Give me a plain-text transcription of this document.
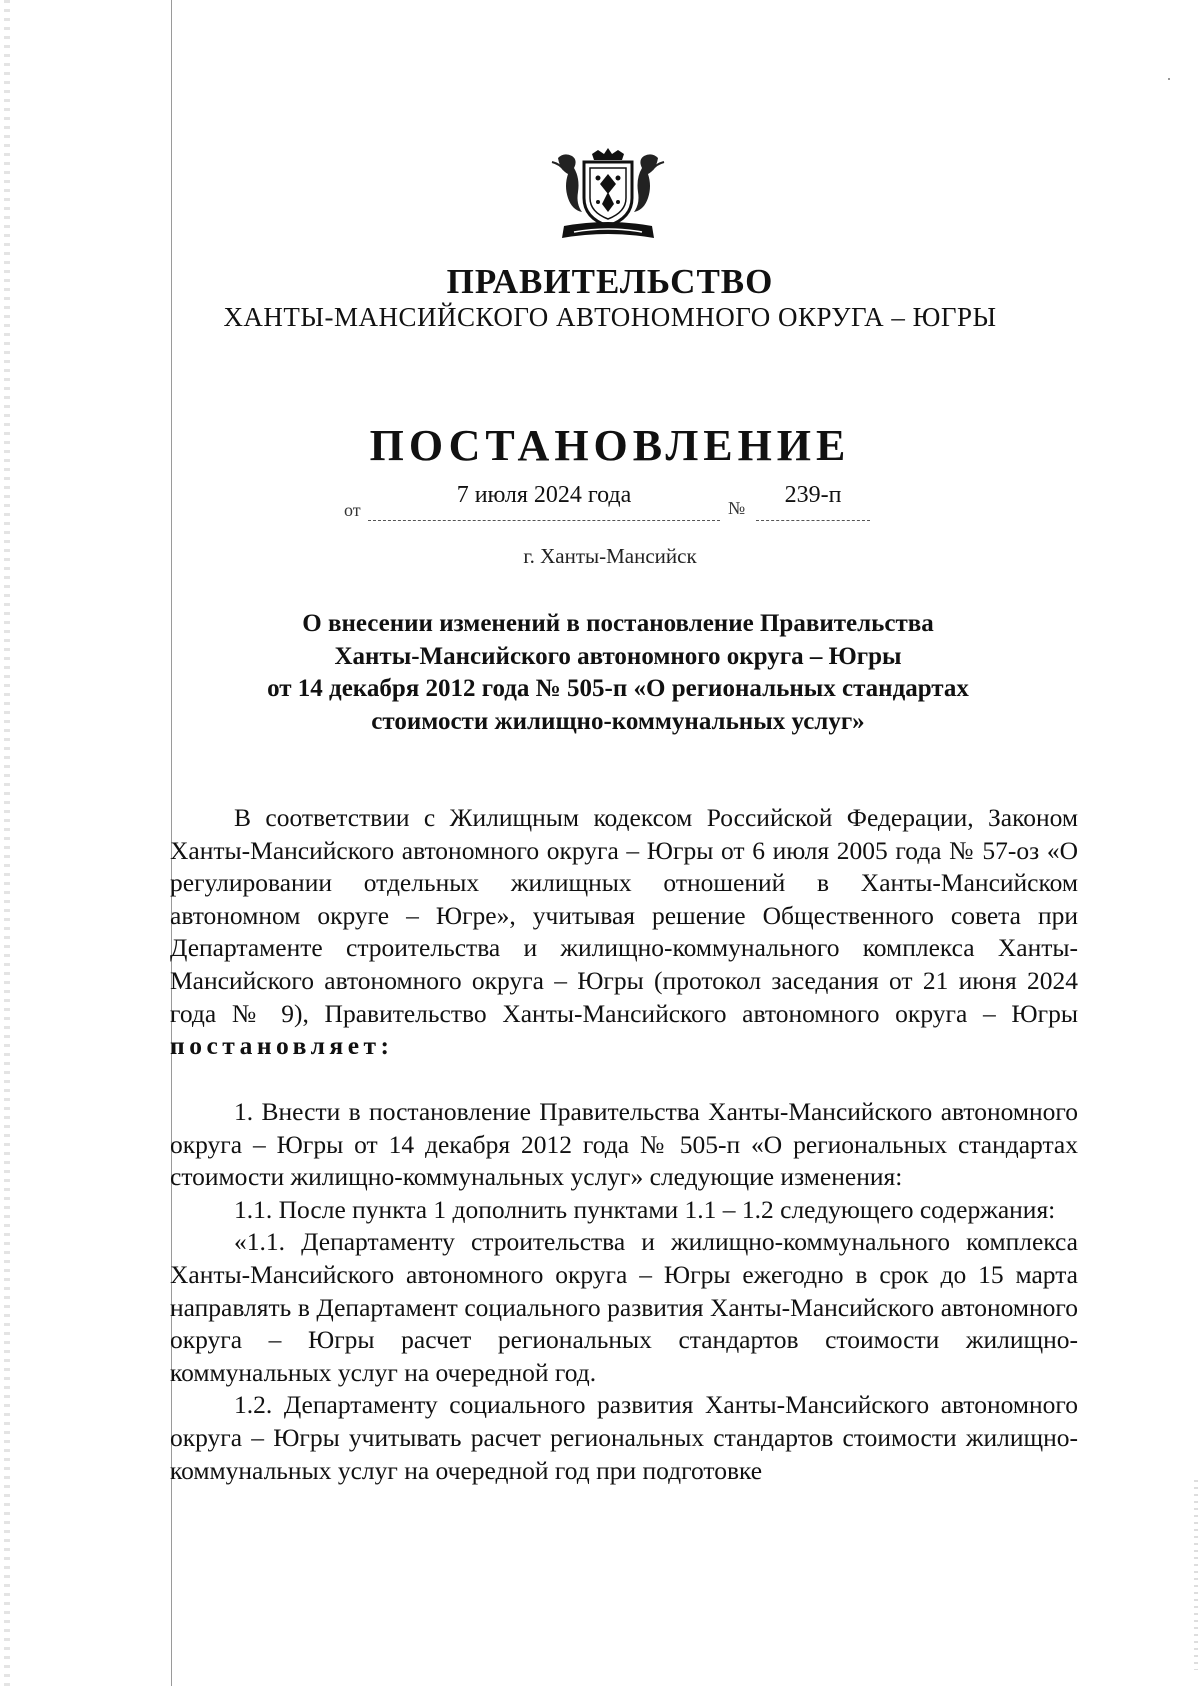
ПРАВИТЕЛЬСТВО
ХАНТЫ-МАНСИЙСКОГО АВТОНОМНОГО ОКРУГА – ЮГРЫ
ПОСТАНОВЛЕНИЕ
от
7 июля 2024 года	№	239-п
г. Ханты-Мансийск
О внесении изменений в постановление Правительства
Ханты-Мансийского автономного округа – Югры
от 14 декабря 2012 года № 505-п «О региональных стандартах
стоимости жилищно-коммунальных услуг»

В соответствии с Жилищным кодексом Российской Федерации, Законом Ханты-Мансийского автономного округа – Югры от 6 июля 2005 года № 57-оз «О регулировании отдельных жилищных отношений в Ханты-Мансийском автономном округе – Югре», учитывая решение Общественного совета при Департаменте строительства и жилищно-коммунального комплекса Ханты-Мансийского автономного округа – Югры (протокол заседания от 21 июня 2024 года № 9), Правительство Ханты-Мансийского автономного округа – Югры постановляет:

1. Внести в постановление Правительства Ханты-Мансийского автономного округа – Югры от 14 декабря 2012 года № 505-п «О региональных стандартах стоимости жилищно-коммунальных услуг» следующие изменения:

1.1. После пункта 1 дополнить пунктами 1.1 – 1.2 следующего содержания:

«1.1. Департаменту строительства и жилищно-коммунального комплекса Ханты-Мансийского автономного округа – Югры ежегодно в срок до 15 марта направлять в Департамент социального развития Ханты-Мансийского автономного округа – Югры расчет региональных стандартов стоимости жилищно-коммунальных услуг на очередной год.

1.2. Департаменту социального развития Ханты-Мансийского автономного округа – Югры учитывать расчет региональных стандартов стоимости жилищно-коммунальных услуг на очередной год при подготовке
